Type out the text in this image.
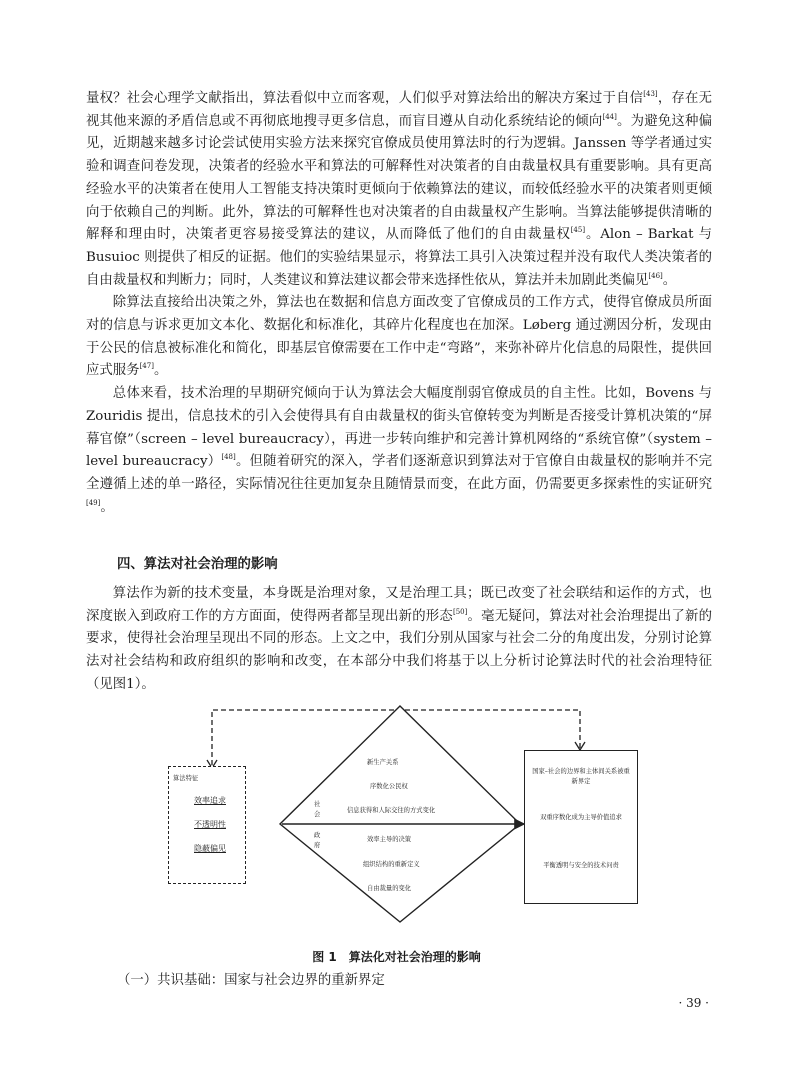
量权？社会心理学文献指出，算法看似中立而客观，人们似乎对算法给出的解决方案过于自信[43]，存在无视其他来源的矛盾信息或不再彻底地搜寻更多信息，而盲目遵从自动化系统结论的倾向[44]。为避免这种偏见，近期越来越多讨论尝试使用实验方法来探究官僚成员使用算法时的行为逻辑。Janssen 等学者通过实验和调查问卷发现，决策者的经验水平和算法的可解释性对决策者的自由裁量权具有重要影响。具有更高经验水平的决策者在使用人工智能支持决策时更倾向于依赖算法的建议，而较低经验水平的决策者则更倾向于依赖自己的判断。此外，算法的可解释性也对决策者的自由裁量权产生影响。当算法能够提供清晰的解释和理由时，决策者更容易接受算法的建议，从而降低了他们的自由裁量权[45]。Alon – Barkat 与 Busuioc 则提供了相反的证据。他们的实验结果显示，将算法工具引入决策过程并没有取代人类决策者的自由裁量权和判断力；同时，人类建议和算法建议都会带来选择性依从，算法并未加剧此类偏见[46]。

除算法直接给出决策之外，算法也在数据和信息方面改变了官僚成员的工作方式，使得官僚成员所面对的信息与诉求更加文本化、数据化和标准化，其碎片化程度也在加深。Løberg 通过溯因分析，发现由于公民的信息被标准化和简化，即基层官僚需要在工作中走“弯路”，来弥补碎片化信息的局限性，提供回应式服务[47]。

总体来看，技术治理的早期研究倾向于认为算法会大幅度削弱官僚成员的自主性。比如，Bovens 与 Zouridis 提出，信息技术的引入会使得具有自由裁量权的街头官僚转变为判断是否接受计算机决策的“屏幕官僚”（screen – level bureaucracy），再进一步转向维护和完善计算机网络的“系统官僚”（system – level bureaucracy）[48]。但随着研究的深入，学者们逐渐意识到算法对于官僚自由裁量权的影响并不完全遵循上述的单一路径，实际情况往往更加复杂且随情景而变，在此方面，仍需要更多探索性的实证研究[49]。

四、算法对社会治理的影响

算法作为新的技术变量，本身既是治理对象，又是治理工具；既已改变了社会联结和运作的方式，也深度嵌入到政府工作的方方面面，使得两者都呈现出新的形态[50]。毫无疑问，算法对社会治理提出了新的要求，使得社会治理呈现出不同的形态。上文之中，我们分别从国家与社会二分的角度出发，分别讨论算法对社会结构和政府组织的影响和改变，在本部分中我们将基于以上分析讨论算法时代的社会治理特征（见图1）。

算法特征
效率追求
不透明性
隐蔽偏见
社
会
政
府
新生产关系
序数化公民权
信息获得和人际交往的方式变化
效率主导的决策
组织结构的重新定义
自由裁量的变化
国家–社会的边界和主体间关系被重新界定
双重序数化成为主导价值追求
平衡透明与安全的技术问责

图 1　算法化对社会治理的影响

（一）共识基础：国家与社会边界的重新界定

· 39 ·
